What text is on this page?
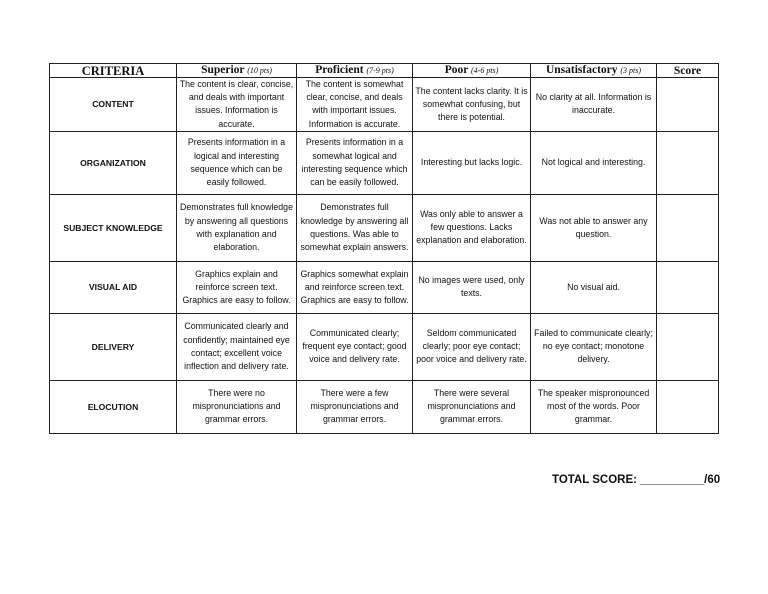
CRITERIA	Superior (10 pts)	Proficient (7-9 pts)	Poor (4-6 pts)	Unsatisfactory (3 pts)	Score
CONTENT	The content is clear, concise, and deals with important issues. Information is accurate.	The content is somewhat clear, concise, and deals with important issues. Information is accurate.	The content lacks clarity. It is somewhat confusing, but there is potential.	No clarity at all. Information is inaccurate.	
ORGANIZATION	Presents information in a logical and interesting sequence which can be easily followed.	Presents information in a somewhat logical and interesting sequence which can be easily followed.	Interesting but lacks logic.	Not logical and interesting.	
SUBJECT KNOWLEDGE	Demonstrates full knowledge by answering all questions with explanation and elaboration.	Demonstrates full knowledge by answering all questions. Was able to somewhat explain answers.	Was only able to answer a few questions. Lacks explanation and elaboration.	Was not able to answer any question.	
VISUAL AID	Graphics explain and reinforce screen text. Graphics are easy to follow.	Graphics somewhat explain and reinforce screen text. Graphics are easy to follow.	No images were used, only texts.	No visual aid.	
DELIVERY	Communicated clearly and confidently; maintained eye contact; excellent voice inflection and delivery rate.	Communicated clearly; frequent eye contact; good voice and delivery rate.	Seldom communicated clearly; poor eye contact; poor voice and delivery rate.	Failed to communicate clearly; no eye contact; monotone delivery.	
ELOCUTION	There were no mispronunciations and grammar errors.	There were a few mispronunciations and grammar errors.	There were several mispronunciations and grammar errors.	The speaker mispronounced most of the words. Poor grammar.	
TOTAL SCORE: __________/60
